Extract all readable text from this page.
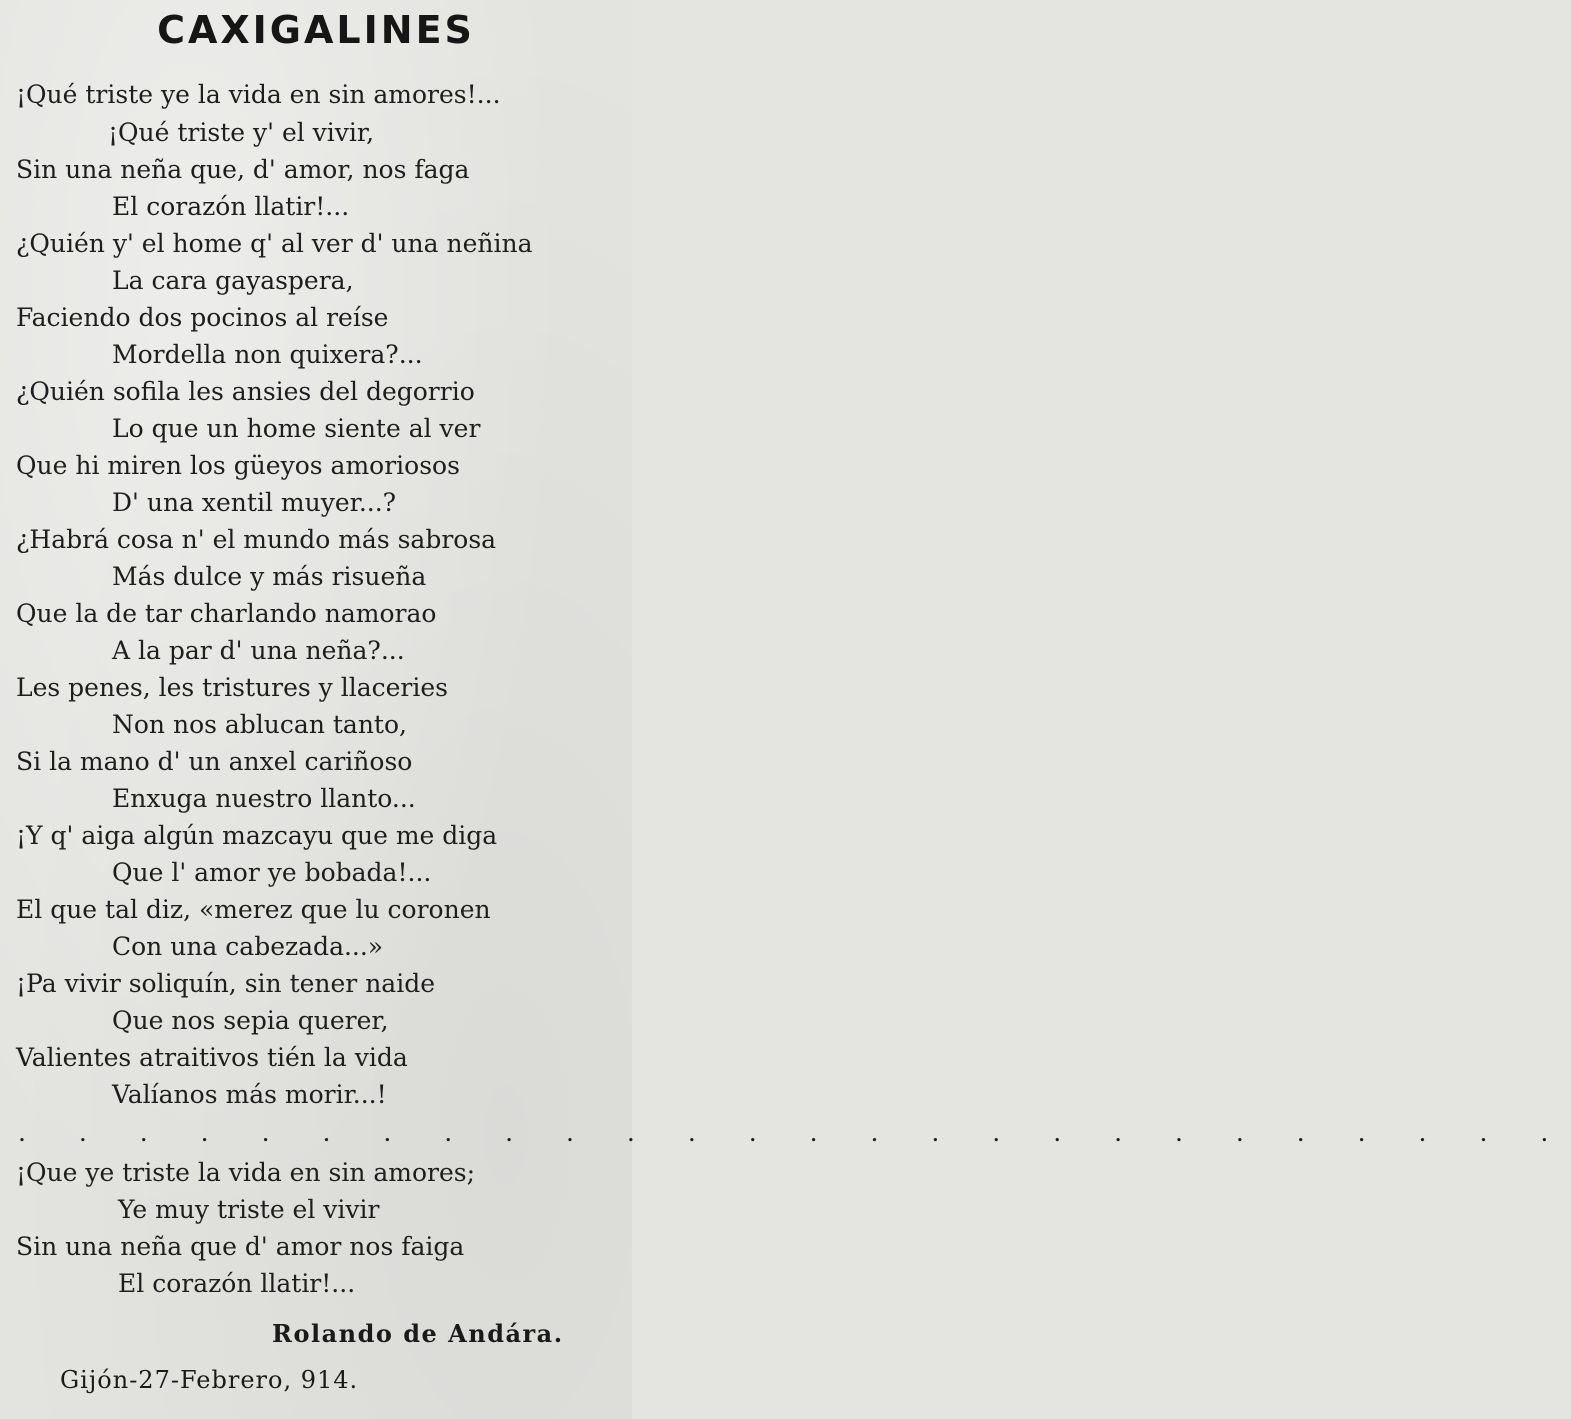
CAXIGALINES
¡Qué triste ye la vida en sin amores!...
¡Qué triste y' el vivir,
Sin una neña que, d' amor, nos faga
El corazón llatir!...
¿Quién y' el home q' al ver d' una neñina
La cara gayaspera,
Faciendo dos pocinos al reíse
Mordella non quixera?...
¿Quién sofila les ansies del degorrio
Lo que un home siente al ver
Que hi miren los güeyos amoriosos
D' una xentil muyer...?
¿Habrá cosa n' el mundo más sabrosa
Más dulce y más risueña
Que la de tar charlando namorao
A la par d' una neña?...
Les penes, les tristures y llaceries
Non nos ablucan tanto,
Si la mano d' un anxel cariñoso
Enxuga nuestro llanto...
¡Y q' aiga algún mazcayu que me diga
Que l' amor ye bobada!...
El que tal diz, «merez que lu coronen
Con una cabezada...»
¡Pa vivir soliquín, sin tener naide
Que nos sepia querer,
Valientes atraitivos tién la vida
Valíanos más morir...!
. . . . . . . . . . . . . . . . . . . . . . . . . .
¡Que ye triste la vida en sin amores;
Ye muy triste el vivir
Sin una neña que d' amor nos faiga
El corazón llatir!...
Rolando de Andára.
Gijón-27-Febrero, 914.
